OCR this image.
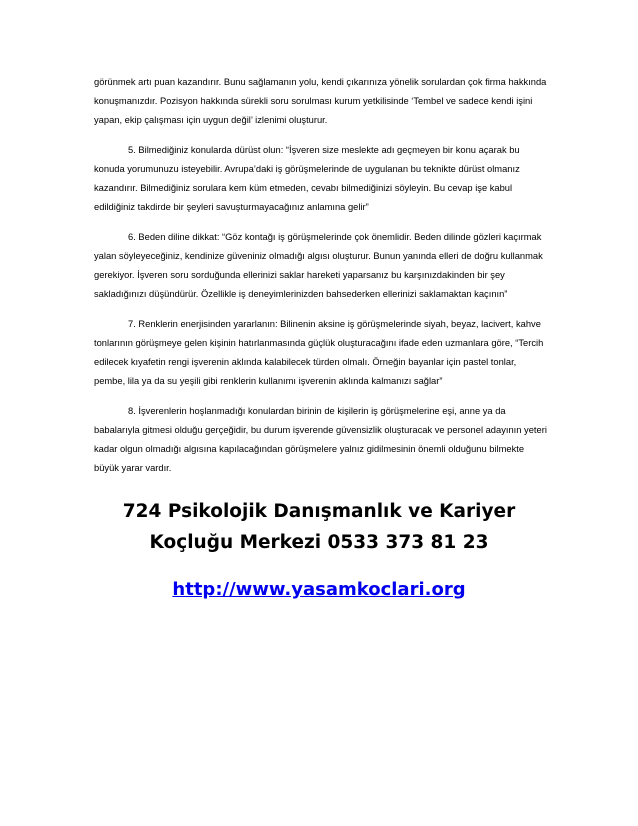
görünmek artı puan kazandırır. Bunu sağlamanın yolu, kendi çıkarınıza yönelik sorulardan çok firma hakkında konuşmanızdır. Pozisyon hakkında sürekli soru sorulması kurum yetkilisinde ‘Tembel ve sadece kendi işini yapan, ekip çalışması için uygun değil’ izlenimi oluşturur.

5. Bilmediğiniz konularda dürüst olun: “İşveren size meslekte adı geçmeyen bir konu açarak bu konuda yorumunuzu isteyebilir. Avrupa’daki iş görüşmelerinde de uygulanan bu teknikte dürüst olmanız kazandırır. Bilmediğiniz sorulara kem küm etmeden, cevabı bilmediğinizi söyleyin. Bu cevap işe kabul edildiğiniz takdirde bir şeyleri savuşturmayacağınız anlamına gelir”

6. Beden diline dikkat: “Göz kontağı iş görüşmelerinde çok önemlidir. Beden dilinde gözleri kaçırmak yalan söyleyeceğiniz, kendinize güveniniz olmadığı algısı oluşturur. Bunun yanında elleri de doğru kullanmak gerekiyor. İşveren soru sorduğunda ellerinizi saklar hareketi yaparsanız bu karşınızdakinden bir şey sakladığınızı düşündürür. Özellikle iş deneyimlerinizden bahsederken ellerinizi saklamaktan kaçının”

7. Renklerin enerjisinden yararlanın: Bilinenin aksine iş görüşmelerinde siyah, beyaz, lacivert, kahve tonlarının görüşmeye gelen kişinin hatırlanmasında güçlük oluşturacağını ifade eden uzmanlara göre, “Tercih edilecek kıyafetin rengi işverenin aklında kalabilecek türden olmalı. Örneğin bayanlar için pastel tonlar, pembe, lila ya da su yeşili gibi renklerin kullanımı işverenin aklında kalmanızı sağlar”

8. İşverenlerin hoşlanmadığı konulardan birinin de kişilerin iş görüşmelerine eşi, anne ya da babalarıyla gitmesi olduğu gerçeğidir, bu durum işverende güvensizlik oluşturacak ve personel adayının yeteri kadar olgun olmadığı algısına kapılacağından görüşmelere yalnız gidilmesinin önemli olduğunu bilmekte büyük yarar vardır.

724 Psikolojik Danışmanlık ve Kariyer Koçluğu Merkezi 0533 373 81 23
http://www.yasamkoclari.org
